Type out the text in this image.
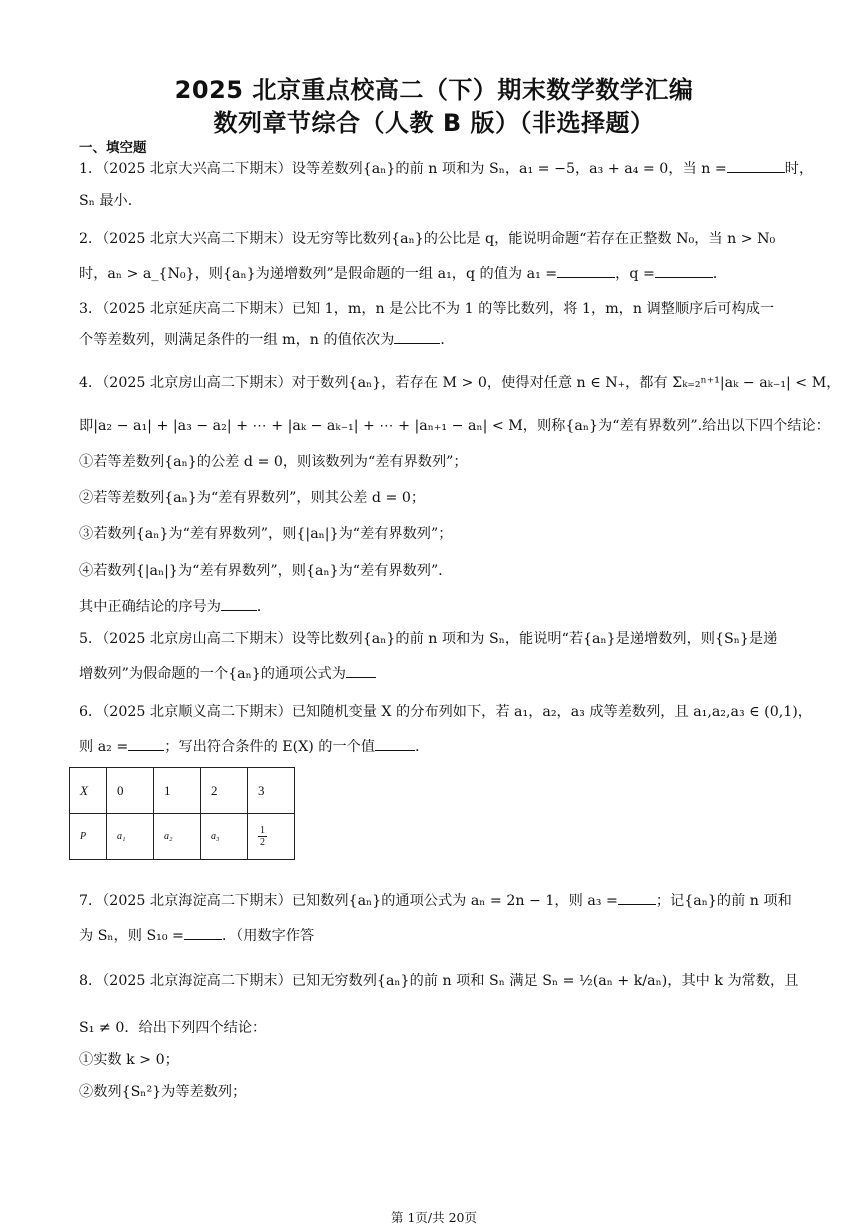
2025 北京重点校高二（下）期末数学数学汇编
数列章节综合（人教 B 版）（非选择题）
一、填空题
1．（2025 北京大兴高二下期末）设等差数列{aₙ}的前 n 项和为 Sₙ，a₁ = −5，a₃ + a₄ = 0，当 n =	时，
Sₙ 最小．
2．（2025 北京大兴高二下期末）设无穷等比数列{aₙ}的公比是 q，能说明命题“若存在正整数 N₀，当 n > N₀
时，aₙ > a_{N₀}，则{aₙ}为递增数列”是假命题的一组 a₁，q 的值为 a₁ =	，q =	．
3．（2025 北京延庆高二下期末）已知 1，m，n 是公比不为 1 的等比数列，将 1，m，n 调整顺序后可构成一
个等差数列，则满足条件的一组 m，n 的值依次为	．
4．（2025 北京房山高二下期末）对于数列{aₙ}，若存在 M > 0，使得对任意 n ∈ N₊，都有 Σₖ₌₂ⁿ⁺¹|aₖ − aₖ₋₁| < M，
即|a₂ − a₁| + |a₃ − a₂| + ⋯ + |aₖ − aₖ₋₁| + ⋯ + |aₙ₊₁ − aₙ| < M，则称{aₙ}为“差有界数列”.给出以下四个结论：
①若等差数列{aₙ}的公差 d = 0，则该数列为“差有界数列”；
②若等差数列{aₙ}为“差有界数列”，则其公差 d = 0；
③若数列{aₙ}为“差有界数列”，则{|aₙ|}为“差有界数列”；
④若数列{|aₙ|}为“差有界数列”，则{aₙ}为“差有界数列”．
其中正确结论的序号为	．
5．（2025 北京房山高二下期末）设等比数列{aₙ}的前 n 项和为 Sₙ，能说明“若{aₙ}是递增数列，则{Sₙ}是递
增数列”为假命题的一个{aₙ}的通项公式为
6．（2025 北京顺义高二下期末）已知随机变量 X 的分布列如下，若 a₁，a₂，a₃ 成等差数列，且 a₁,a₂,a₃ ∈ (0,1)，
则 a₂ =	；写出符合条件的 E(X) 的一个值	．
X	0	1	2	3
P	a₁	a₂	a₃	$\frac{1}{2}$
7．（2025 北京海淀高二下期末）已知数列{aₙ}的通项公式为 aₙ = 2n − 1，则 a₃ =	；记{aₙ}的前 n 项和
为 Sₙ，则 S₁₀ =	．（用数字作答
8．（2025 北京海淀高二下期末）已知无穷数列{aₙ}的前 n 项和 Sₙ 满足 Sₙ = ½(aₙ + k/aₙ)，其中 k 为常数，且
S₁ ≠ 0．给出下列四个结论：
①实数 k > 0；
②数列{Sₙ²}为等差数列；
第 1页/共 20页
